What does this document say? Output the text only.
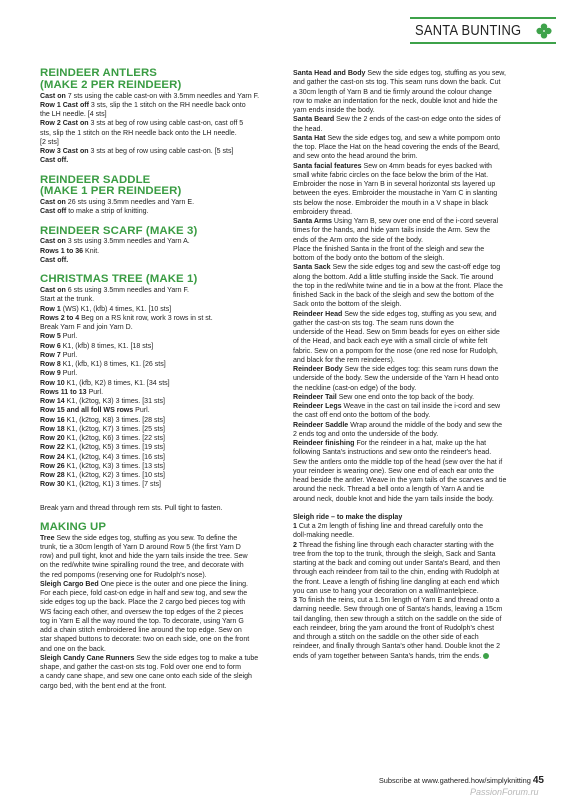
SANTA BUNTING
REINDEER ANTLERS
(MAKE 2 PER REINDEER)

Cast on 7 sts using the cable cast-on with 3.5mm needles and Yarn F.

Row 1 Cast off 3 sts, slip the 1 stitch on the RH needle back onto

the LH needle. [4 sts]

Row 2 Cast on 3 sts at beg of row using cable cast-on, cast off 5

sts, slip the 1 stitch on the RH needle back onto the LH needle.

[2 sts]

Row 3 Cast on 3 sts at beg of row using cable cast-on. [5 sts]

Cast off.

REINDEER SADDLE
(MAKE 1 PER REINDEER)

Cast on 26 sts using 3.5mm needles and Yarn E.

Cast off to make a strip of knitting.

REINDEER SCARF (MAKE 3)

Cast on 3 sts using 3.5mm needles and Yarn A.

Rows 1 to 36 Knit.

Cast off.

CHRISTMAS TREE (MAKE 1)

Cast on 6 sts using 3.5mm needles and Yarn F.

Start at the trunk.

Row 1 (WS) K1, (kfb) 4 times, K1. [10 sts]

Rows 2 to 4 Beg on a RS knit row, work 3 rows in st st.

Break Yarn F and join Yarn D.

Row 5 Purl.

Row 6 K1, (kfb) 8 times, K1. [18 sts]

Row 7 Purl.

Row 8 K1, (kfb, K1) 8 times, K1. [26 sts]

Row 9 Purl.

Row 10 K1, (kfb, K2) 8 times, K1. [34 sts]

Rows 11 to 13 Purl.

Row 14 K1, (k2tog, K3) 3 times. [31 sts]

Row 15 and all foll WS rows Purl.

Row 16 K1, (k2tog, K8) 3 times. [28 sts]

Row 18 K1, (k2tog, K7) 3 times. [25 sts]

Row 20 K1, (k2tog, K6) 3 times. [22 sts]

Row 22 K1, (k2tog, K5) 3 times. [19 sts]

Row 24 K1, (k2tog, K4) 3 times. [16 sts]

Row 26 K1, (k2tog, K3) 3 times. [13 sts]

Row 28 K1, (k2tog, K2) 3 times. [10 sts]

Row 30 K1, (k2tog, K1) 3 times. [7 sts]

Break yarn and thread through rem sts. Pull tight to fasten.

MAKING UP

Tree Sew the side edges tog, stuffing as you sew. To define the

trunk, tie a 30cm length of Yarn D around Row 5 (the first Yarn D

row) and pull tight, knot and hide the yarn tails inside the tree. Sew

on the red/white twine spiralling round the tree, and decorate with

the red pompoms (reserving one for Rudolph's nose).

Sleigh Cargo Bed One piece is the outer and one piece the lining.

For each piece, fold cast-on edge in half and sew tog, and sew the

side edges tog up the back. Place the 2 cargo bed pieces tog with

WS facing each other, and oversew the top edges of the 2 pieces

tog in Yarn E all the way round the top. To decorate, using Yarn G

add a chain stitch embroidered line around the top edge. Sew on

star shaped buttons to decorate: two on each side, one on the front

and one on the back.

Sleigh Candy Cane Runners Sew the side edges tog to make a tube

shape, and gather the cast-on sts tog. Fold over one end to form

a candy cane shape, and sew one cane onto each side of the sleigh

cargo bed, with the bent end at the front.

Santa Head and Body Sew the side edges tog, stuffing as you sew,

and gather the cast-on sts tog. This seam runs down the back. Cut

a 30cm length of Yarn B and tie firmly around the colour change

row to make an indentation for the neck, double knot and hide the

yarn ends inside the body.

Santa Beard Sew the 2 ends of the cast-on edge onto the sides of

the head.

Santa Hat Sew the side edges tog, and sew a white pompom onto

the top. Place the Hat on the head covering the ends of the Beard,

and sew onto the head around the brim.

Santa facial features Sew on 4mm beads for eyes backed with

small white fabric circles on the face below the brim of the Hat.

Embroider the nose in Yarn B in several horizontal sts layered up

between the eyes. Embroider the moustache in Yarn C in slanting

sts below the nose. Embroider the mouth in a V shape in black

embroidery thread.

Santa Arms Using Yarn B, sew over one end of the i-cord several

times for the hands, and hide yarn tails inside the Arm. Sew the

ends of the Arm onto the side of the body.

Place the finished Santa in the front of the sleigh and sew the

bottom of the body onto the bottom of the sleigh.

Santa Sack Sew the side edges tog and sew the cast-off edge tog

along the bottom. Add a little stuffing inside the Sack. Tie around

the top in the red/white twine and tie in a bow at the front. Place the

finished Sack in the back of the sleigh and sew the bottom of the

Sack onto the bottom of the sleigh.

Reindeer Head Sew the side edges tog, stuffing as you sew, and

gather the cast-on sts tog. The seam runs down the

underside of the Head. Sew on 5mm beads for eyes on either side

of the Head, and back each eye with a small circle of white felt

fabric. Sew on a pompom for the nose (one red nose for Rudolph,

and black for the rem reindeers).

Reindeer Body Sew the side edges tog: this seam runs down the

underside of the body. Sew the underside of the Yarn H head onto

the neckline (cast-on edge) of the body.

Reindeer Tail Sew one end onto the top back of the body.

Reindeer Legs Weave in the cast on tail inside the i-cord and sew

the cast off end onto the bottom of the body.

Reindeer Saddle Wrap around the middle of the body and sew the

2 ends tog and onto the underside of the body.

Reindeer finishing For the reindeer in a hat, make up the hat

following Santa's instructions and sew onto the reindeer's head.

Sew the antlers onto the middle top of the head (sew over the hat if

your reindeer is wearing one). Sew one end of each ear onto the

head beside the antler. Weave in the yarn tails of the scarves and tie

around the neck. Thread a bell onto a length of Yarn A and tie

around neck, double knot and hide the yarn tails inside the body.

Sleigh ride – to make the display

1 Cut a 2m length of fishing line and thread carefully onto the

doll-making needle.

2 Thread the fishing line through each character starting with the

tree from the top to the trunk, through the sleigh, Sack and Santa

starting at the back and coming out under Santa's Beard, and then

through each reindeer from tail to the chin, ending with Rudolph at

the front. Leave a length of fishing line dangling at each end which

you can use to hang your decoration on a wall/mantelpiece.

3 To finish the reins, cut a 1.5m length of Yarn E and thread onto a

darning needle. Sew through one of Santa's hands, leaving a 15cm

tail dangling, then sew through a stitch on the saddle on the side of

each reindeer, bring the yarn around the front of Rudolph's chest

and through a stitch on the saddle on the other side of each

reindeer, and finally through Santa's other hand. Double knot the 2

ends of yarn together between Santa's hands, trim the ends.

Subscribe at www.gathered.how/simplyknitting 45
PassionForum.ru
